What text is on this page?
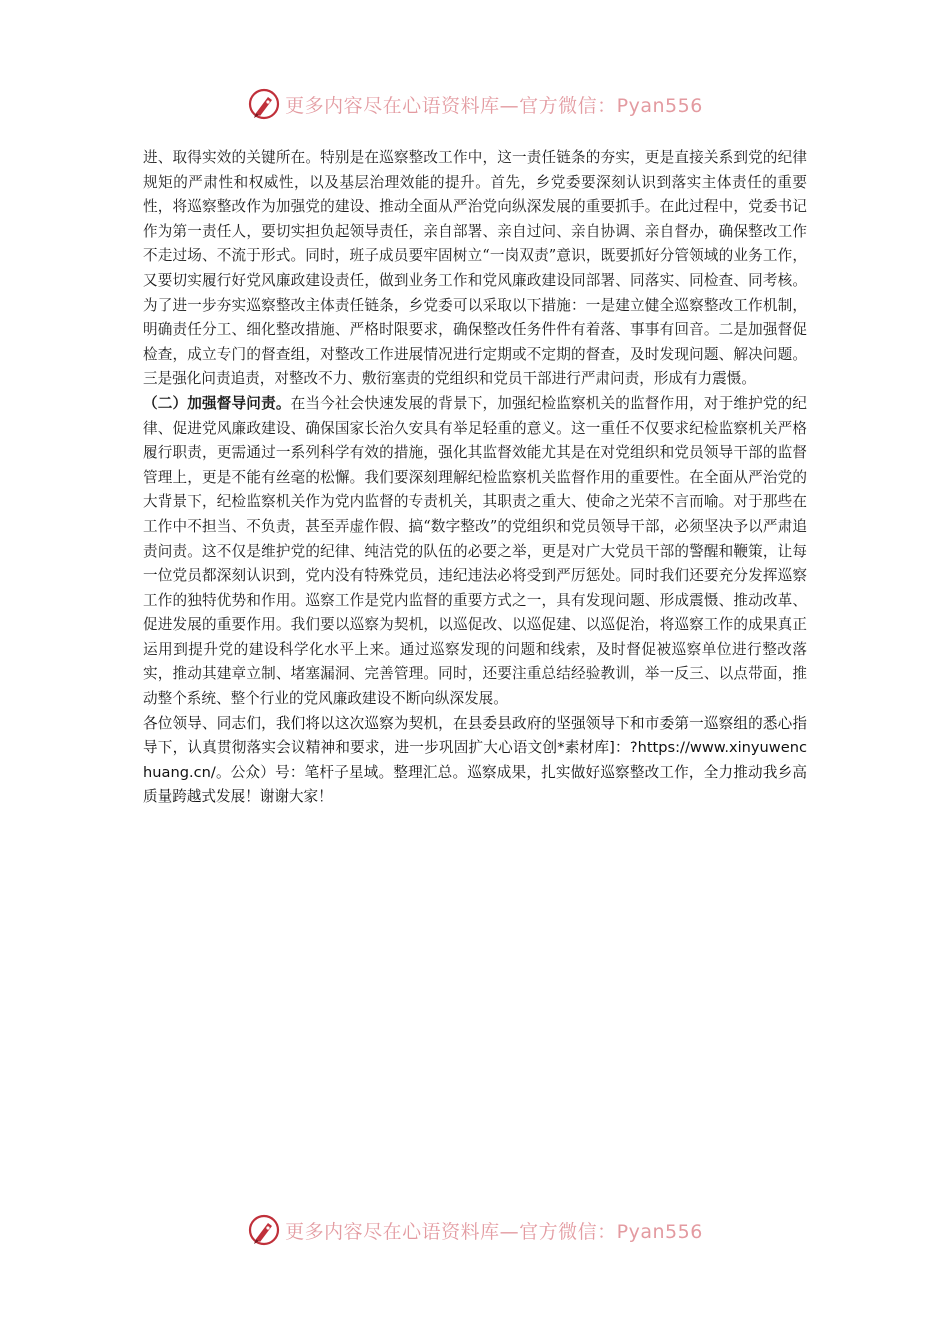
更多内容尽在心语资料库—官方微信：Pyan556

进、取得实效的关键所在。特别是在巡察整改工作中，这一责任链条的夯实，更是直接关系到党的纪律规矩的严肃性和权威性，以及基层治理效能的提升。首先，乡党委要深刻认识到落实主体责任的重要性，将巡察整改作为加强党的建设、推动全面从严治党向纵深发展的重要抓手。在此过程中，党委书记作为第一责任人，要切实担负起领导责任，亲自部署、亲自过问、亲自协调、亲自督办，确保整改工作不走过场、不流于形式。同时，班子成员要牢固树立“一岗双责”意识，既要抓好分管领域的业务工作，又要切实履行好党风廉政建设责任，做到业务工作和党风廉政建设同部署、同落实、同检查、同考核。为了进一步夯实巡察整改主体责任链条，乡党委可以采取以下措施：一是建立健全巡察整改工作机制，明确责任分工、细化整改措施、严格时限要求，确保整改任务件件有着落、事事有回音。二是加强督促检查，成立专门的督查组，对整改工作进展情况进行定期或不定期的督查，及时发现问题、解决问题。三是强化问责追责，对整改不力、敷衍塞责的党组织和党员干部进行严肃问责，形成有力震慑。

（二）加强督导问责。在当今社会快速发展的背景下，加强纪检监察机关的监督作用，对于维护党的纪律、促进党风廉政建设、确保国家长治久安具有举足轻重的意义。这一重任不仅要求纪检监察机关严格履行职责，更需通过一系列科学有效的措施，强化其监督效能尤其是在对党组织和党员领导干部的监督管理上，更是不能有丝毫的松懈。我们要深刻理解纪检监察机关监督作用的重要性。在全面从严治党的大背景下，纪检监察机关作为党内监督的专责机关，其职责之重大、使命之光荣不言而喻。对于那些在工作中不担当、不负责，甚至弄虚作假、搞“数字整改”的党组织和党员领导干部，必须坚决予以严肃追责问责。这不仅是维护党的纪律、纯洁党的队伍的必要之举，更是对广大党员干部的警醒和鞭策，让每一位党员都深刻认识到，党内没有特殊党员，违纪违法必将受到严厉惩处。同时我们还要充分发挥巡察工作的独特优势和作用。巡察工作是党内监督的重要方式之一，具有发现问题、形成震慑、推动改革、促进发展的重要作用。我们要以巡察为契机，以巡促改、以巡促建、以巡促治，将巡察工作的成果真正运用到提升党的建设科学化水平上来。通过巡察发现的问题和线索，及时督促被巡察单位进行整改落实，推动其建章立制、堵塞漏洞、完善管理。同时，还要注重总结经验教训，举一反三、以点带面，推动整个系统、整个行业的党风廉政建设不断向纵深发展。

各位领导、同志们，我们将以这次巡察为契机，在县委县政府的坚强领导下和市委第一巡察组的悉心指导下，认真贯彻落实会议精神和要求，进一步巩固扩大心语文创*素材库]：?https://www.xinyuwenchuang.cn/。公众）号：笔杆子星域。整理汇总。巡察成果，扎实做好巡察整改工作，全力推动我乡高质量跨越式发展！谢谢大家！

更多内容尽在心语资料库—官方微信：Pyan556
